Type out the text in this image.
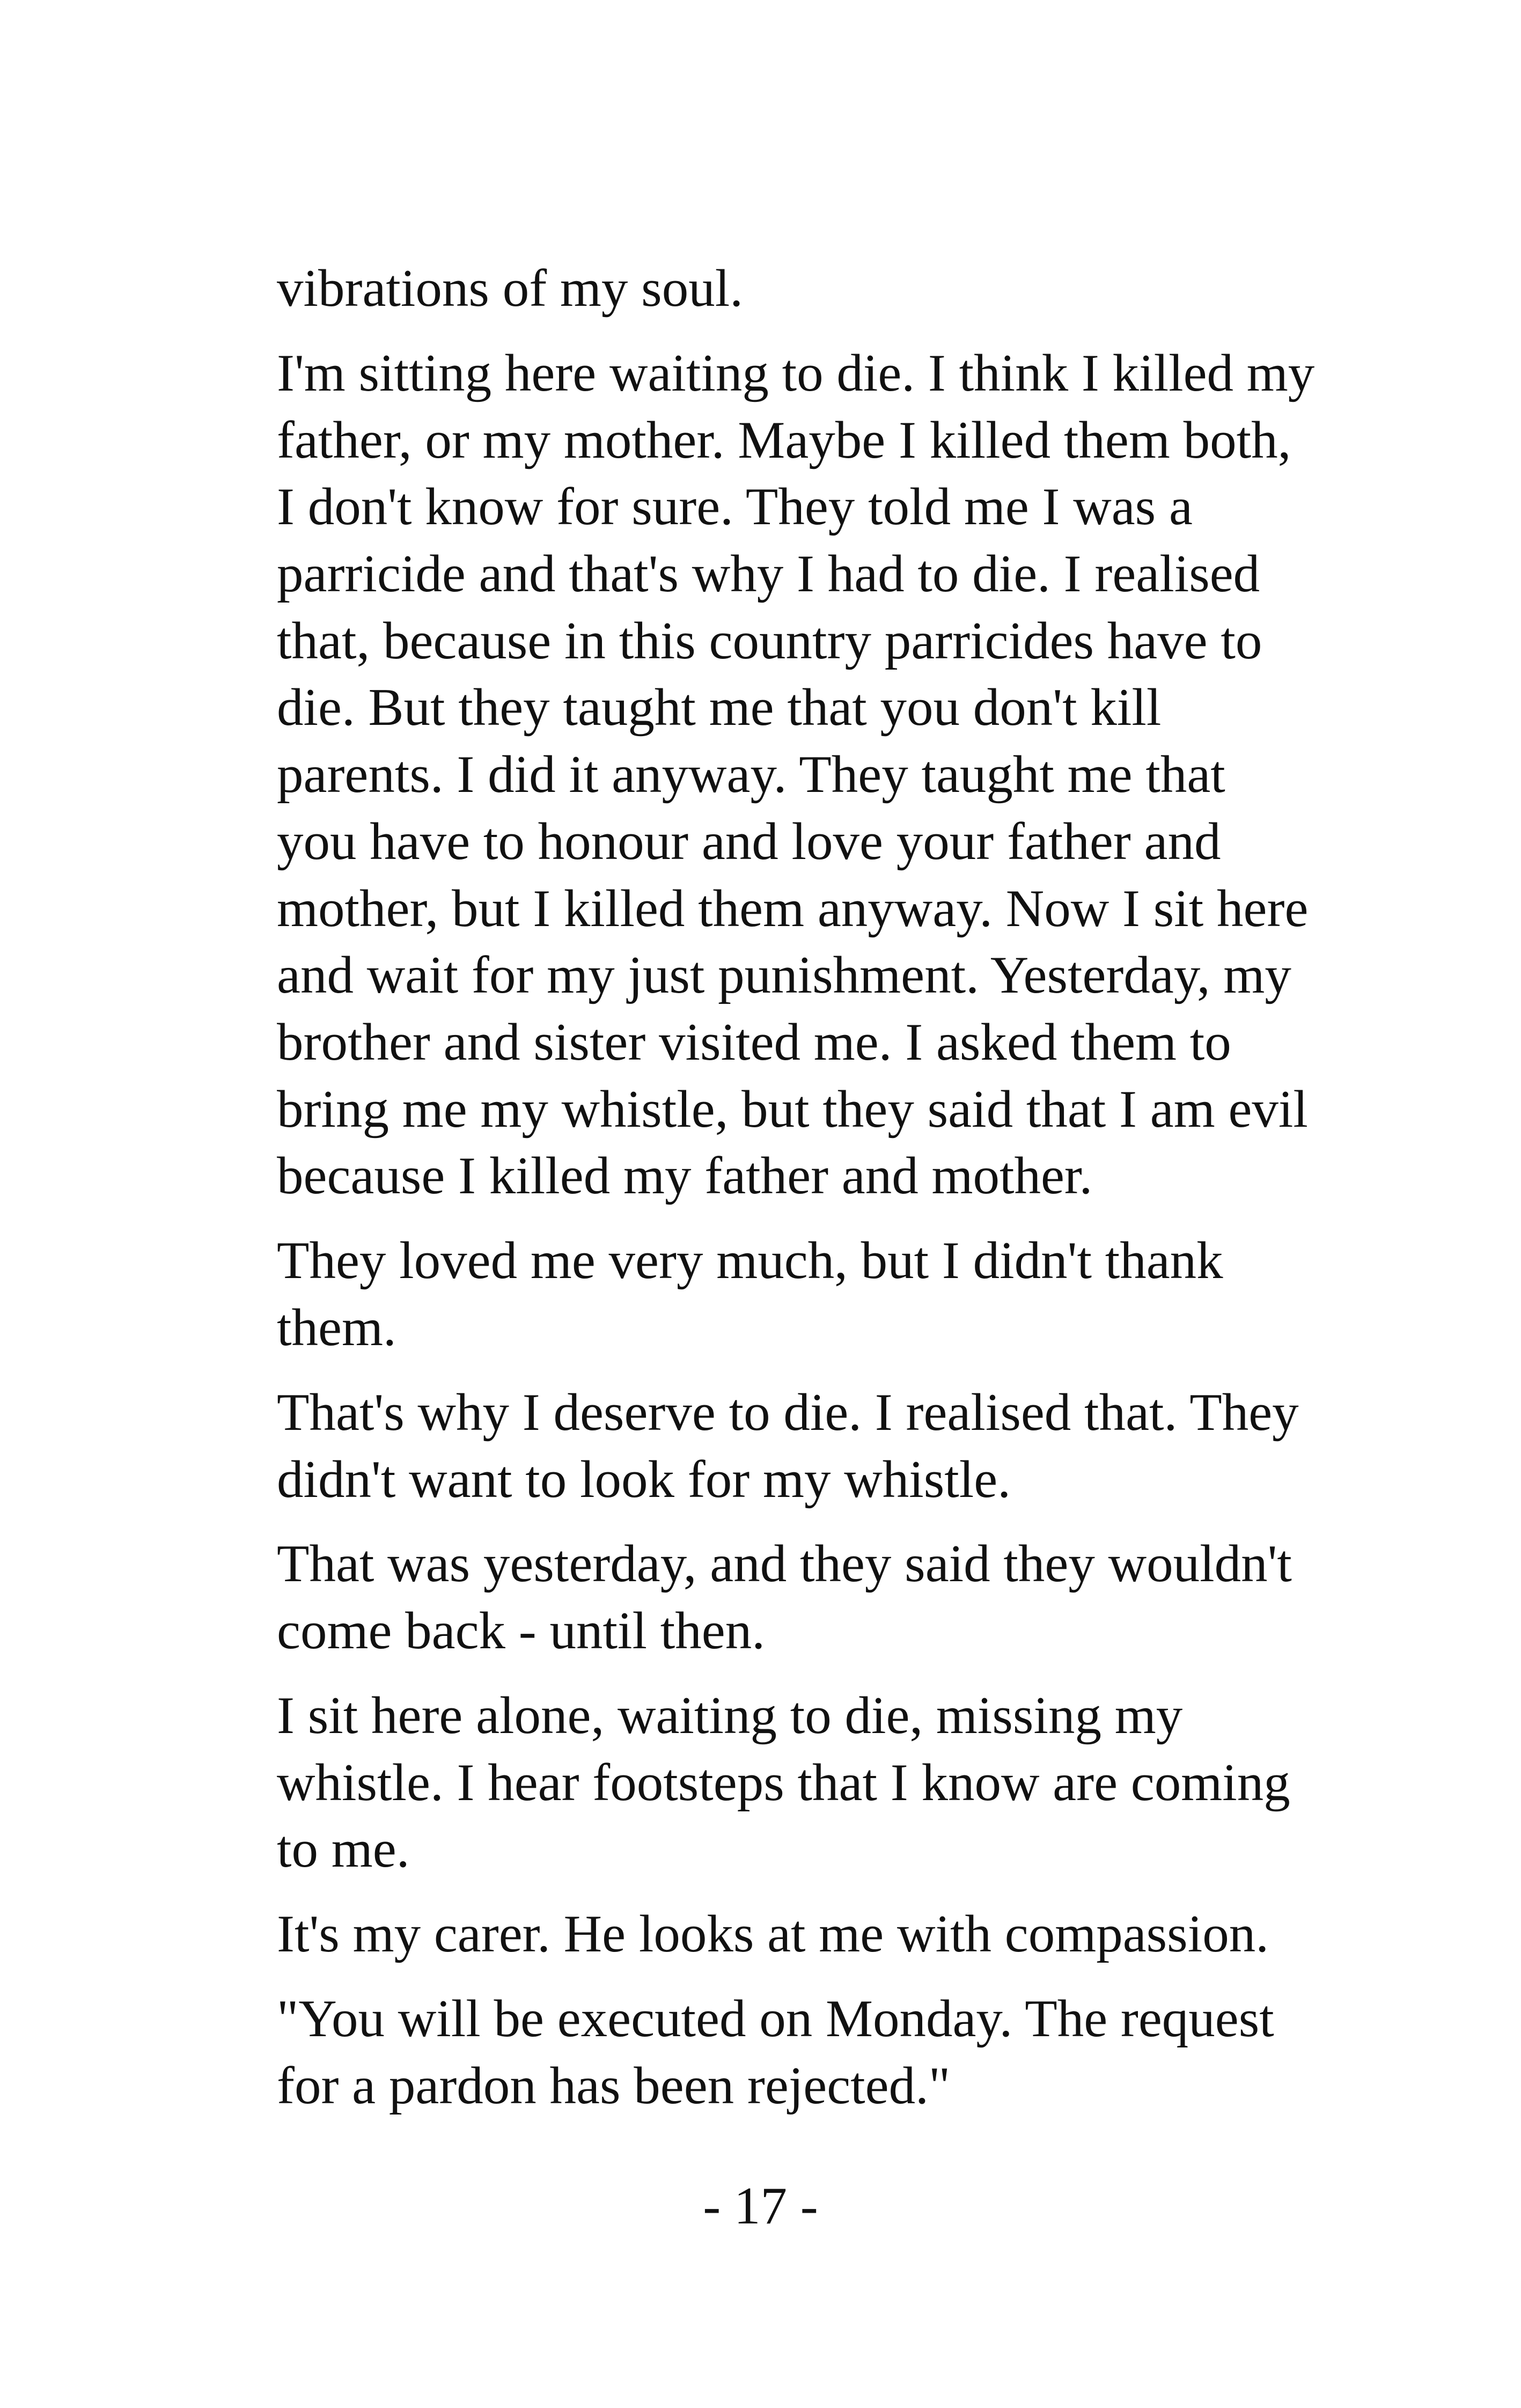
vibrations of my soul.

I'm sitting here waiting to die. I think I killed my
father, or my mother. Maybe I killed them both,
I don't know for sure. They told me I was a
parricide and that's why I had to die. I realised
that, because in this country parricides have to
die. But they taught me that you don't kill
parents. I did it anyway. They taught me that
you have to honour and love your father and
mother, but I killed them anyway. Now I sit here
and wait for my just punishment. Yesterday, my
brother and sister visited me. I asked them to
bring me my whistle, but they said that I am evil
because I killed my father and mother.

They loved me very much, but I didn't thank
them.

That's why I deserve to die. I realised that. They
didn't want to look for my whistle.

That was yesterday, and they said they wouldn't
come back - until then.

I sit here alone, waiting to die, missing my
whistle. I hear footsteps that I know are coming
to me.

It's my carer. He looks at me with compassion.

"You will be executed on Monday. The request
for a pardon has been rejected."

- 17 -
